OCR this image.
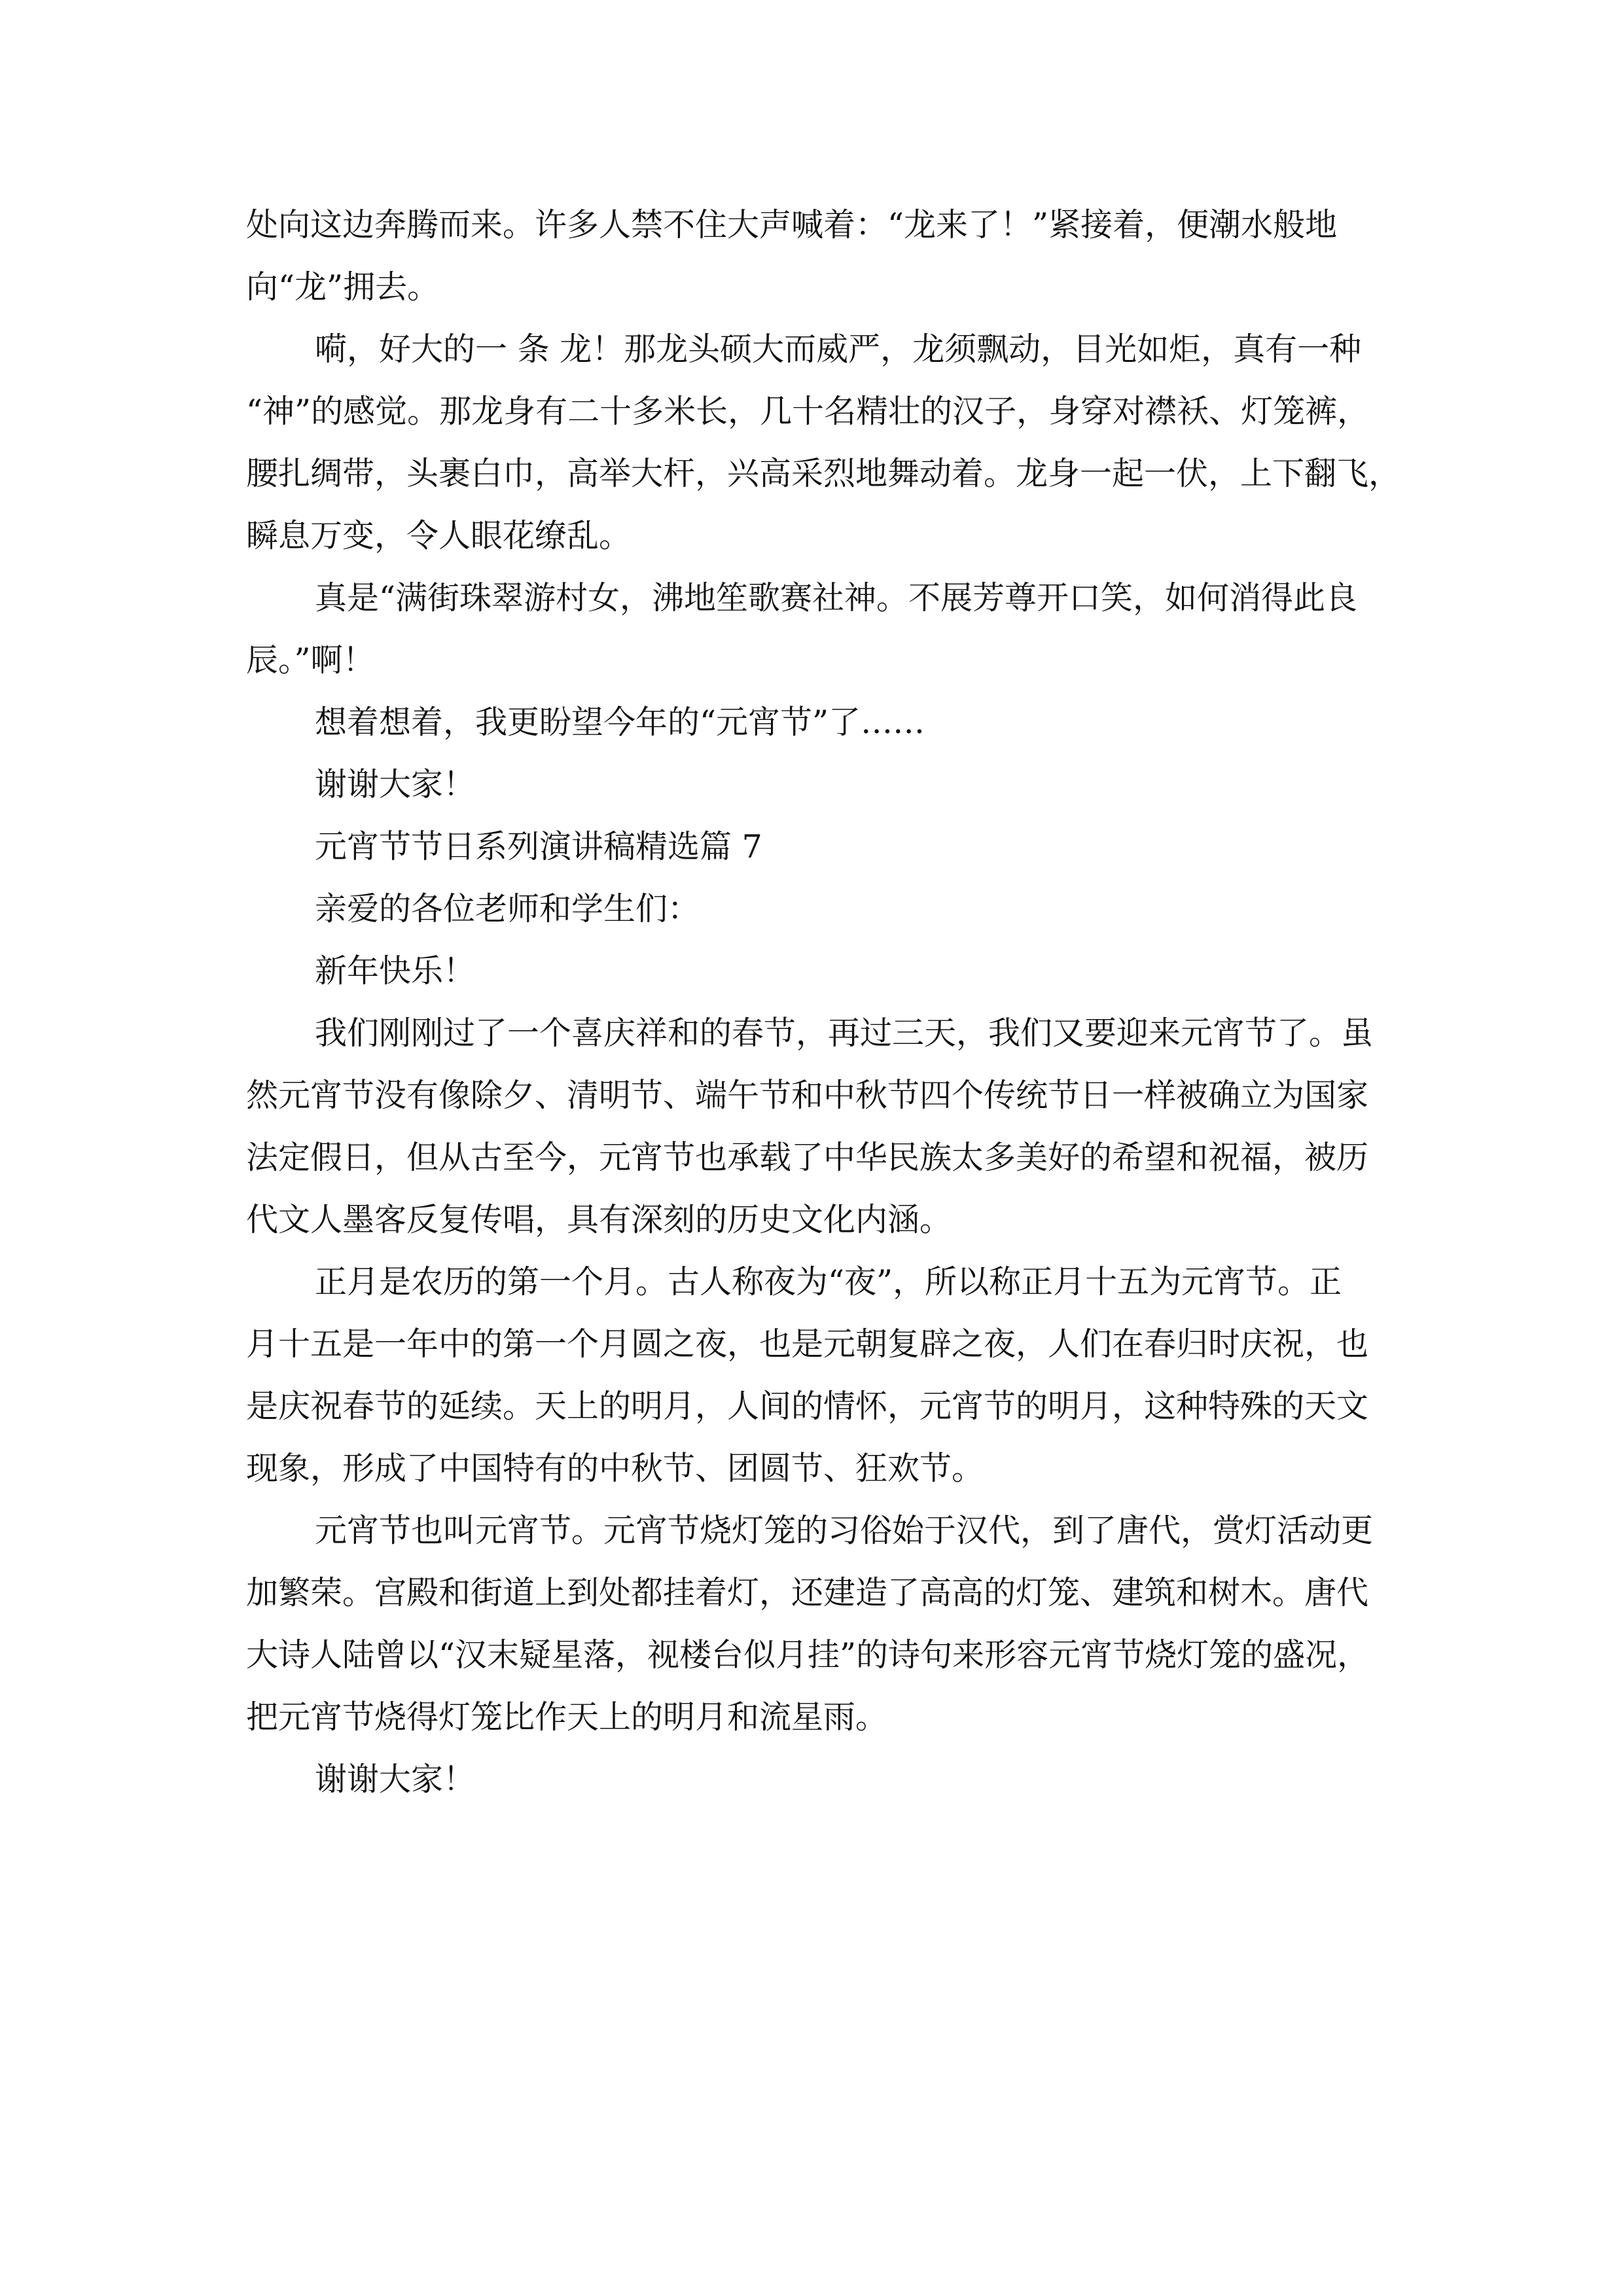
处向这边奔腾而来。许多人禁不住大声喊着：“龙来了！”紧接着，便潮水般地

向“龙”拥去。

嗬，好大的一 条 龙！那龙头硕大而威严，龙须飘动，目光如炬，真有一种

“神”的感觉。那龙身有二十多米长，几十名精壮的汉子，身穿对襟袄、灯笼裤，

腰扎绸带，头裹白巾，高举大杆，兴高采烈地舞动着。龙身一起一伏，上下翻飞，

瞬息万变，令人眼花缭乱。

真是“满街珠翠游村女，沸地笙歌赛社神。不展芳尊开口笑，如何消得此良

辰。”啊！

想着想着，我更盼望今年的“元宵节”了……

谢谢大家！

元宵节节日系列演讲稿精选篇 7

亲爱的各位老师和学生们：

新年快乐！

我们刚刚过了一个喜庆祥和的春节，再过三天，我们又要迎来元宵节了。虽

然元宵节没有像除夕、清明节、端午节和中秋节四个传统节日一样被确立为国家

法定假日，但从古至今，元宵节也承载了中华民族太多美好的希望和祝福，被历

代文人墨客反复传唱，具有深刻的历史文化内涵。

正月是农历的第一个月。古人称夜为“夜”，所以称正月十五为元宵节。正

月十五是一年中的第一个月圆之夜，也是元朝复辟之夜，人们在春归时庆祝，也

是庆祝春节的延续。天上的明月，人间的情怀，元宵节的明月，这种特殊的天文

现象，形成了中国特有的中秋节、团圆节、狂欢节。

元宵节也叫元宵节。元宵节烧灯笼的习俗始于汉代，到了唐代，赏灯活动更

加繁荣。宫殿和街道上到处都挂着灯，还建造了高高的灯笼、建筑和树木。唐代

大诗人陆曾以“汉末疑星落，视楼台似月挂”的诗句来形容元宵节烧灯笼的盛况，

把元宵节烧得灯笼比作天上的明月和流星雨。

谢谢大家！
